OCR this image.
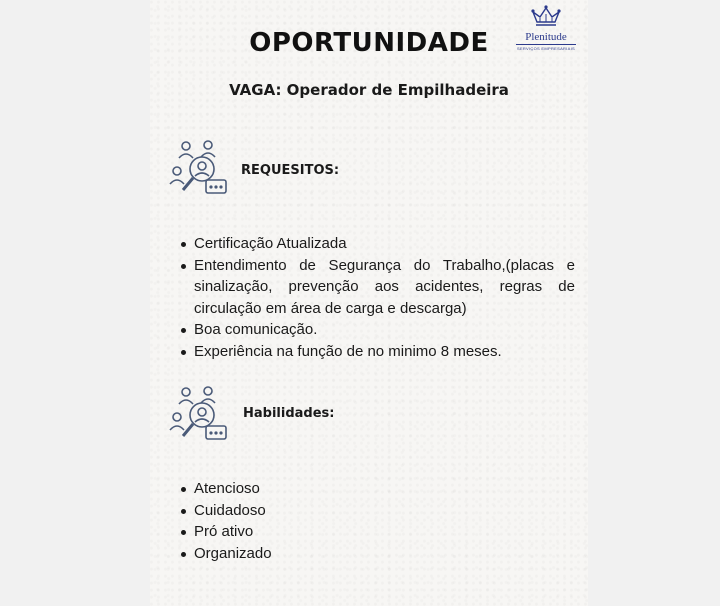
OPORTUNIDADE	Plenitude
SERVIÇOS EMPRESARIAIS
VAGA: Operador de Empilhadeira
REQUESITOS:
Certificação Atualizada
Entendimento de Segurança do Trabalho,(placas e sinalização, prevenção aos acidentes, regras de circulação em área de carga e descarga)
Boa comunicação.
Experiência na função de no minimo 8 meses.
Habilidades:
Atencioso
Cuidadoso
Pró ativo
Organizado
